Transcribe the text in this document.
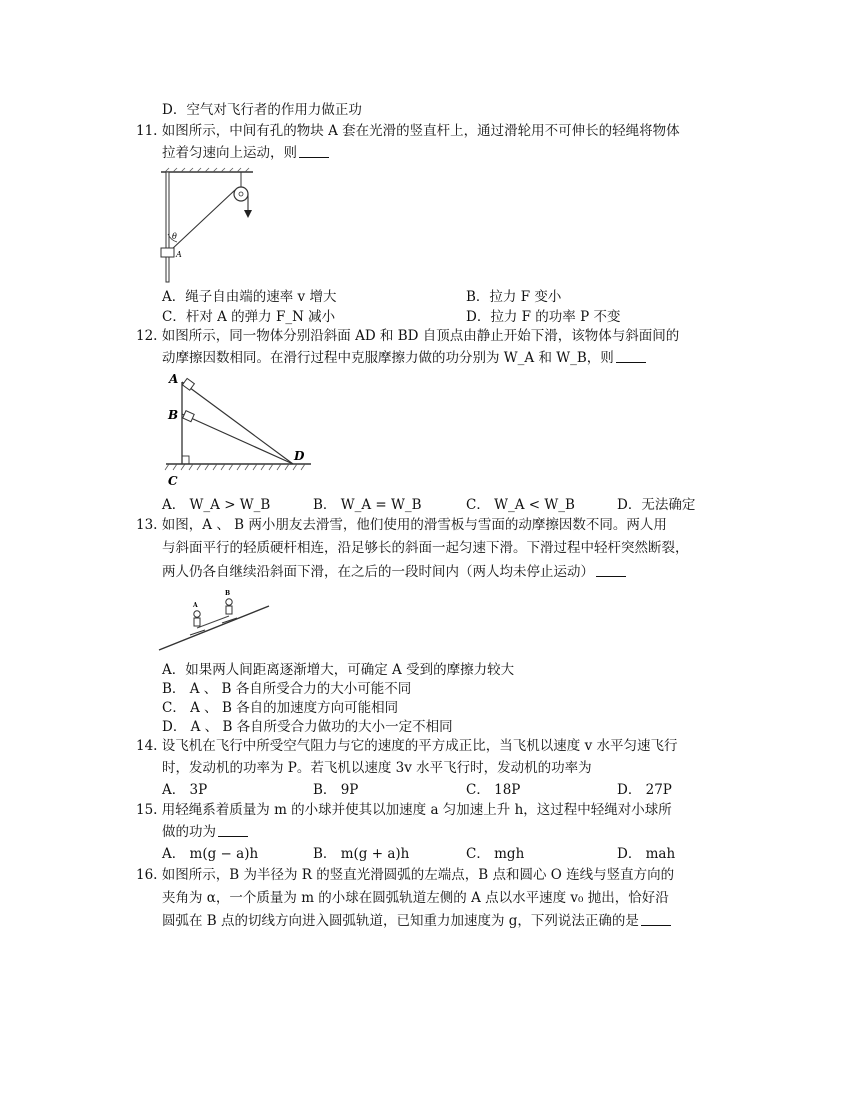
D．空气对飞行者的作用力做正功
11. 如图所示，中间有孔的物块 A 套在光滑的竖直杆上，通过滑轮用不可伸长的轻绳将物体
拉着匀速向上运动，则
θ
A
A．绳子自由端的速率 v 增大	B．拉力 F 变小
C．杆对 A 的弹力 F_N 减小	D．拉力 F 的功率 P 不变
12. 如图所示，同一物体分别沿斜面 AD 和 BD 自顶点由静止开始下滑，该物体与斜面间的
动摩擦因数相同。在滑行过程中克服摩擦力做的功分别为 W_A 和 W_B，则
A
B
C
D
A． W_A > W_B	B． W_A = W_B	C． W_A < W_B	D．无法确定
13. 如图，A 、 B 两小朋友去滑雪，他们使用的滑雪板与雪面的动摩擦因数不同。两人用
与斜面平行的轻质硬杆相连，沿足够长的斜面一起匀速下滑。下滑过程中轻杆突然断裂，
两人仍各自继续沿斜面下滑，在之后的一段时间内（两人均未停止运动）
A
B
A．如果两人间距离逐渐增大，可确定 A 受到的摩擦力较大
B． A 、 B 各自所受合力的大小可能不同
C． A 、 B 各自的加速度方向可能相同
D． A 、 B 各自所受合力做功的大小一定不相同
14. 设飞机在飞行中所受空气阻力与它的速度的平方成正比，当飞机以速度 v 水平匀速飞行
时，发动机的功率为 P。若飞机以速度 3v 水平飞行时，发动机的功率为
A． 3P	B． 9P	C． 18P	D． 27P
15. 用轻绳系着质量为 m 的小球并使其以加速度 a 匀加速上升 h，这过程中轻绳对小球所
做的功为
A． m(g − a)h	B． m(g + a)h	C． mgh	D． mah
16. 如图所示，B 为半径为 R 的竖直光滑圆弧的左端点，B 点和圆心 O 连线与竖直方向的
夹角为 α，一个质量为 m 的小球在圆弧轨道左侧的 A 点以水平速度 v₀ 抛出，恰好沿
圆弧在 B 点的切线方向进入圆弧轨道，已知重力加速度为 g，下列说法正确的是
